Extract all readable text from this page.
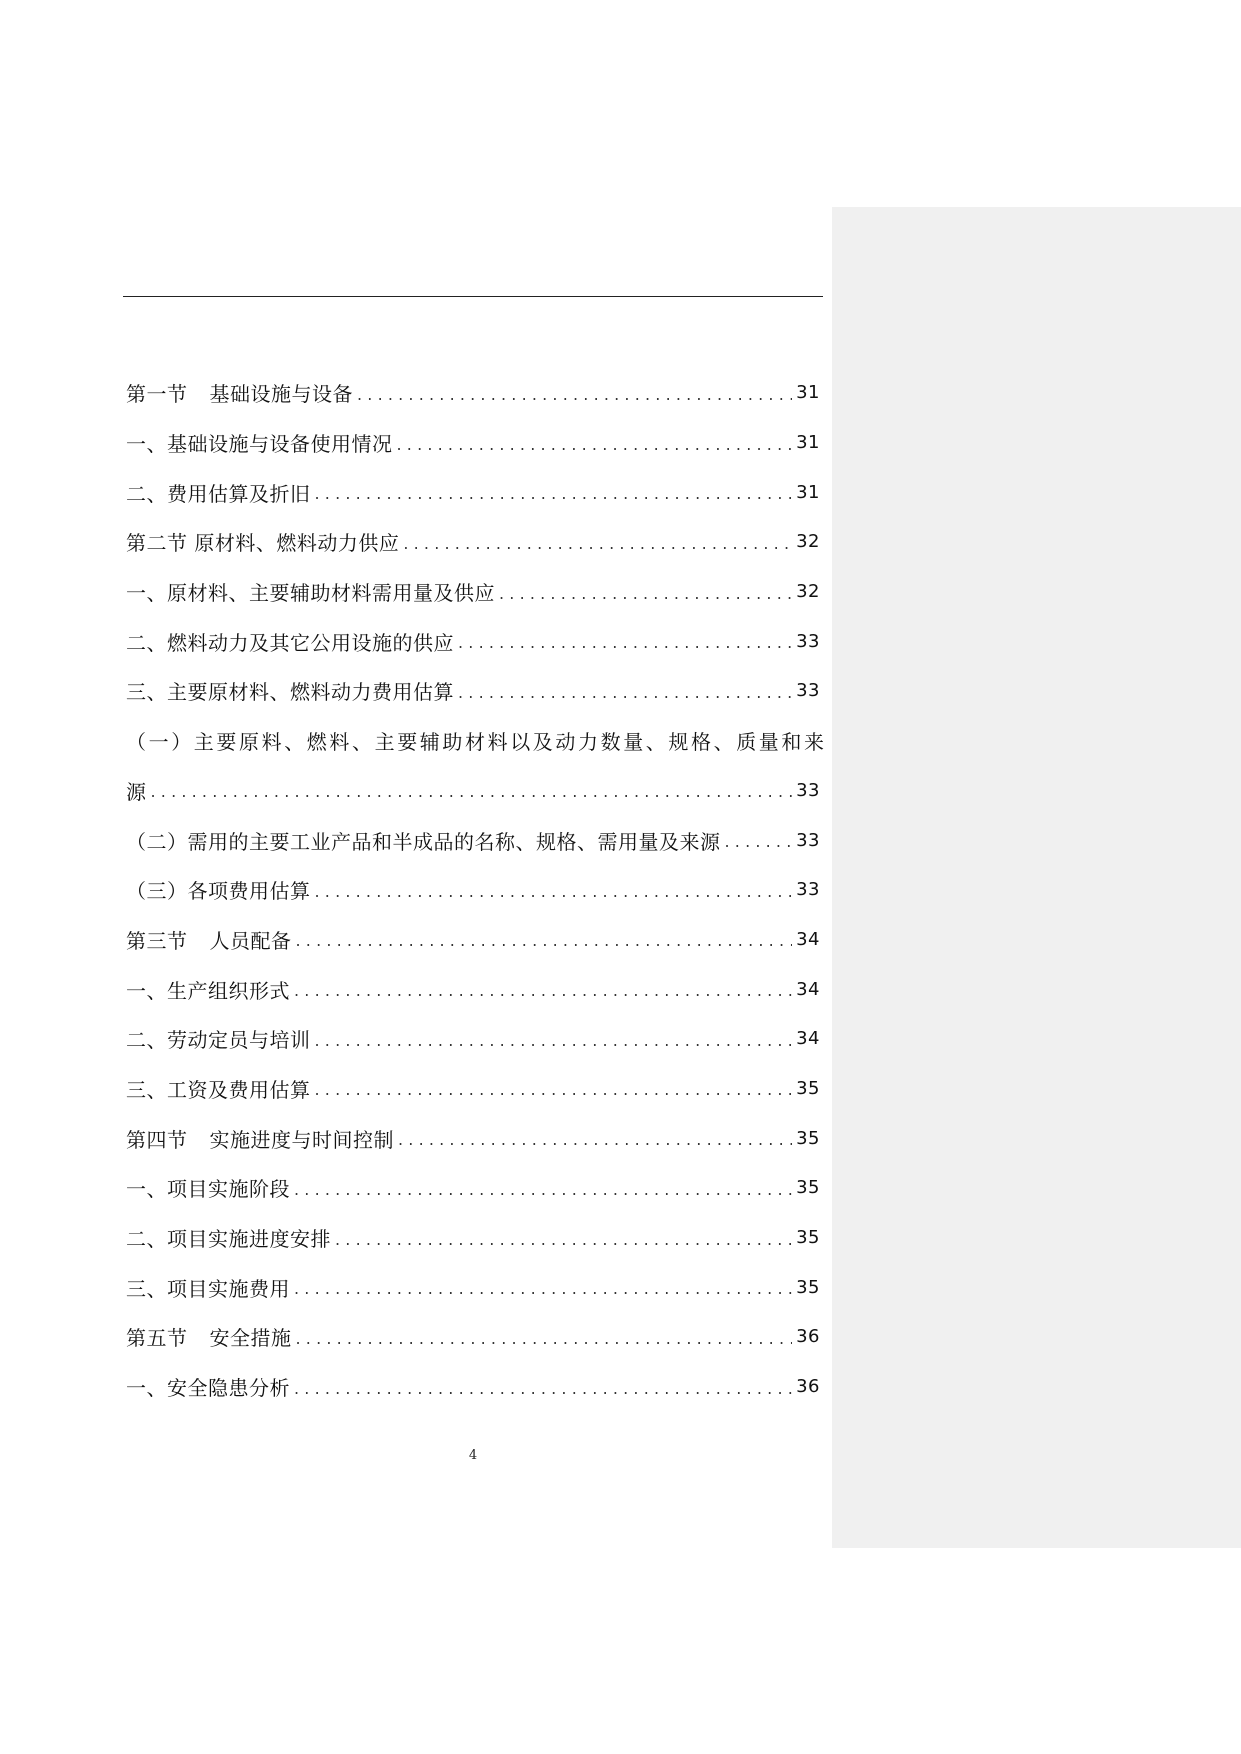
第一节 基础设施与设备 .....	31
一、基础设施与设备使用情况 .....	31
二、费用估算及折旧 .....	31
第二节 原材料、燃料动力供应 .....	32
一、原材料、主要辅助材料需用量及供应 .....	32
二、燃料动力及其它公用设施的供应 .....	33
三、主要原材料、燃料动力费用估算 .....	33
（一）主要原料、燃料、主要辅助材料以及动力数量、规格、质量和来
源 .....	33
（二）需用的主要工业产品和半成品的名称、规格、需用量及来源 .....	33
（三）各项费用估算 .....	33
第三节 人员配备 .....	34
一、生产组织形式 .....	34
二、劳动定员与培训 .....	34
三、工资及费用估算 .....	35
第四节 实施进度与时间控制 .....	35
一、项目实施阶段 .....	35
二、项目实施进度安排 .....	35
三、项目实施费用 .....	35
第五节 安全措施 .....	36
一、安全隐患分析 .....	36
4
